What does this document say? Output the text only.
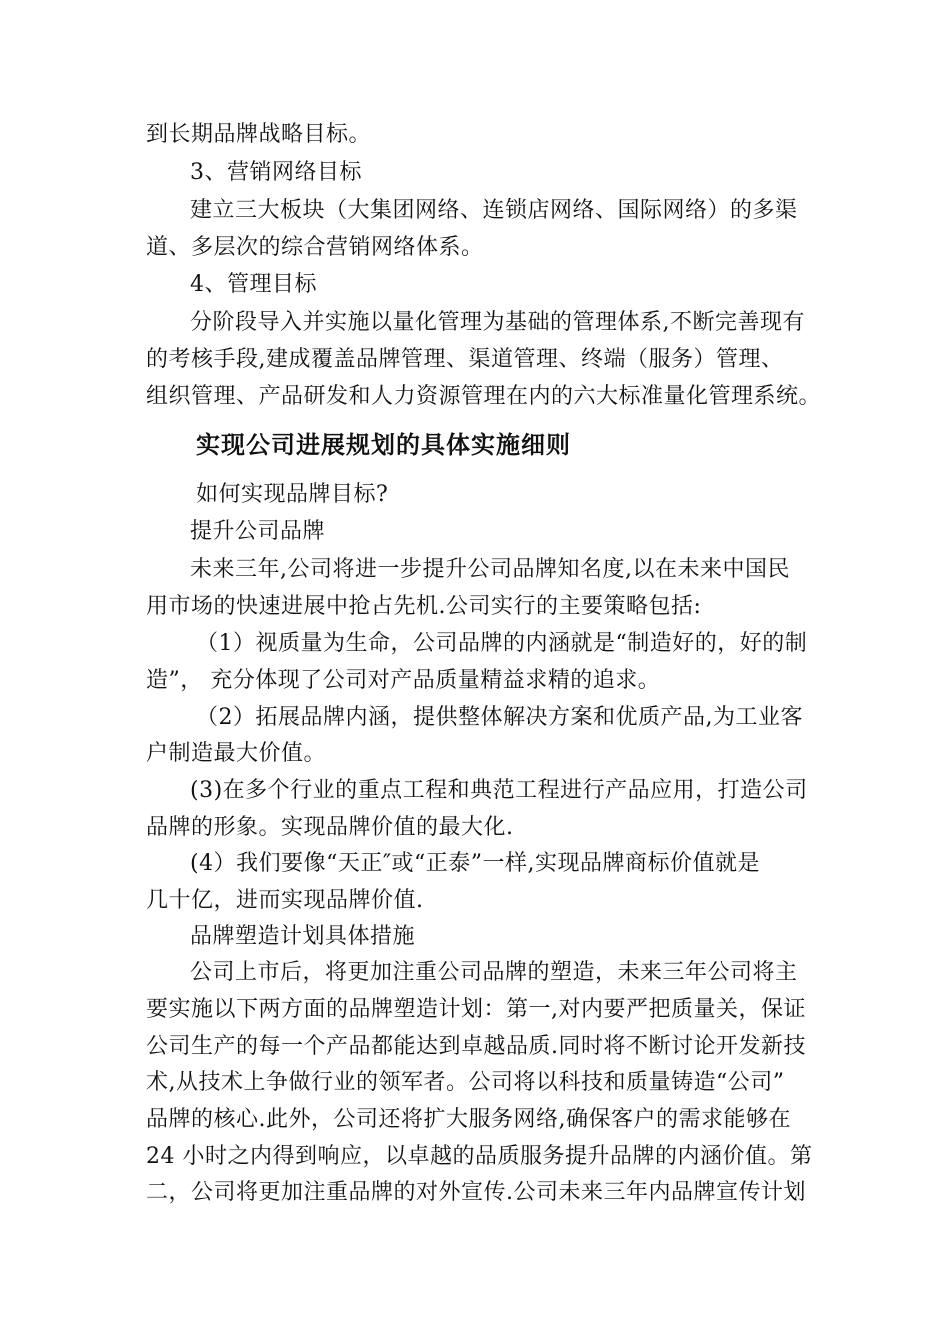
到长期品牌战略目标。
3、营销网络目标
建立三大板块（大集团网络、连锁店网络、国际网络）的多渠
道、多层次的综合营销网络体系。
4、管理目标
分阶段导入并实施以量化管理为基础的管理体系,不断完善现有
的考核手段,建成覆盖品牌管理、渠道管理、终端（服务）管理、
组织管理、产品研发和人力资源管理在内的六大标准量化管理系统。
实现公司进展规划的具体实施细则
如何实现品牌目标?
提升公司品牌
未来三年,公司将进一步提升公司品牌知名度,以在未来中国民
用市场的快速进展中抢占先机.公司实行的主要策略包括:
（1）视质量为生命，公司品牌的内涵就是“制造好的，好的制
造”， 充分体现了公司对产品质量精益求精的追求。
（2）拓展品牌内涵，提供整体解决方案和优质产品,为工业客
户制造最大价值。
(3)在多个行业的重点工程和典范工程进行产品应用，打造公司
品牌的形象。实现品牌价值的最大化.
(4）我们要像“天正″或“正泰”一样,实现品牌商标价值就是
几十亿，进而实现品牌价值.
品牌塑造计划具体措施
公司上市后，将更加注重公司品牌的塑造，未来三年公司将主
要实施以下两方面的品牌塑造计划：第一,对内要严把质量关，保证
公司生产的每一个产品都能达到卓越品质.同时将不断讨论开发新技
术,从技术上争做行业的领军者。公司将以科技和质量铸造“公司”
品牌的核心.此外，公司还将扩大服务网络,确保客户的需求能够在
24 小时之内得到响应，以卓越的品质服务提升品牌的内涵价值。第
二，公司将更加注重品牌的对外宣传.公司未来三年内品牌宣传计划
